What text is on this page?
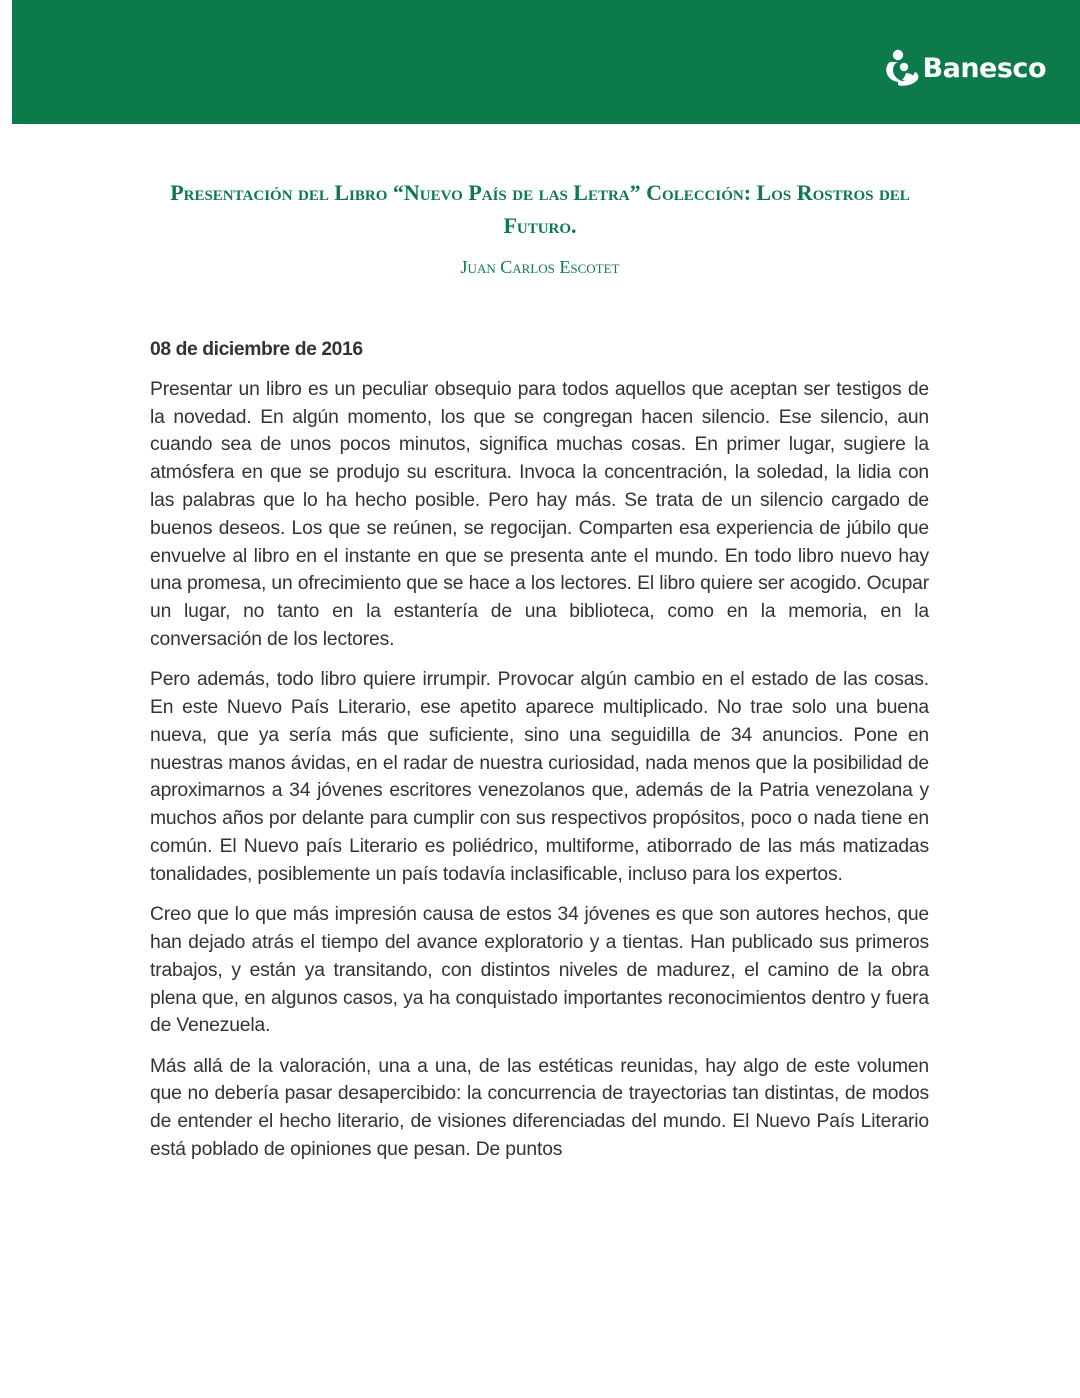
Banesco
Presentación del Libro “Nuevo País de las Letra” Colección: Los Rostros del Futuro.

Juan Carlos Escotet

08 de diciembre de 2016

Presentar un libro es un peculiar obsequio para todos aquellos que aceptan ser testigos de la novedad. En algún momento, los que se congregan hacen silencio. Ese silencio, aun cuando sea de unos pocos minutos, significa muchas cosas. En primer lugar, sugiere la atmósfera en que se produjo su escritura. Invoca la concentración, la soledad, la lidia con las palabras que lo ha hecho posible. Pero hay más. Se trata de un silencio cargado de buenos deseos. Los que se reúnen, se regocijan. Comparten esa experiencia de júbilo que envuelve al libro en el instante en que se presenta ante el mundo. En todo libro nuevo hay una promesa, un ofrecimiento que se hace a los lectores. El libro quiere ser acogido. Ocupar un lugar, no tanto en la estantería de una biblioteca, como en la memoria, en la conversación de los lectores.

Pero además, todo libro quiere irrumpir. Provocar algún cambio en el estado de las cosas. En este Nuevo País Literario, ese apetito aparece multiplicado. No trae solo una buena nueva, que ya sería más que suficiente, sino una seguidilla de 34 anuncios. Pone en nuestras manos ávidas, en el radar de nuestra curiosidad, nada menos que la posibilidad de aproximarnos a 34 jóvenes escritores venezolanos que, además de la Patria venezolana y muchos años por delante para cumplir con sus respectivos propósitos, poco o nada tiene en común. El Nuevo país Literario es poliédrico, multiforme, atiborrado de las más matizadas tonalidades, posiblemente un país todavía inclasificable, incluso para los expertos.

Creo que lo que más impresión causa de estos 34 jóvenes es que son autores hechos, que han dejado atrás el tiempo del avance exploratorio y a tientas. Han publicado sus primeros trabajos, y están ya transitando, con distintos niveles de madurez, el camino de la obra plena que, en algunos casos, ya ha conquistado importantes reconocimientos dentro y fuera de Venezuela.

Más allá de la valoración, una a una, de las estéticas reunidas, hay algo de este volumen que no debería pasar desapercibido: la concurrencia de trayectorias tan distintas, de modos de entender el hecho literario, de visiones diferenciadas del mundo. El Nuevo País Literario está poblado de opiniones que pesan. De puntos
